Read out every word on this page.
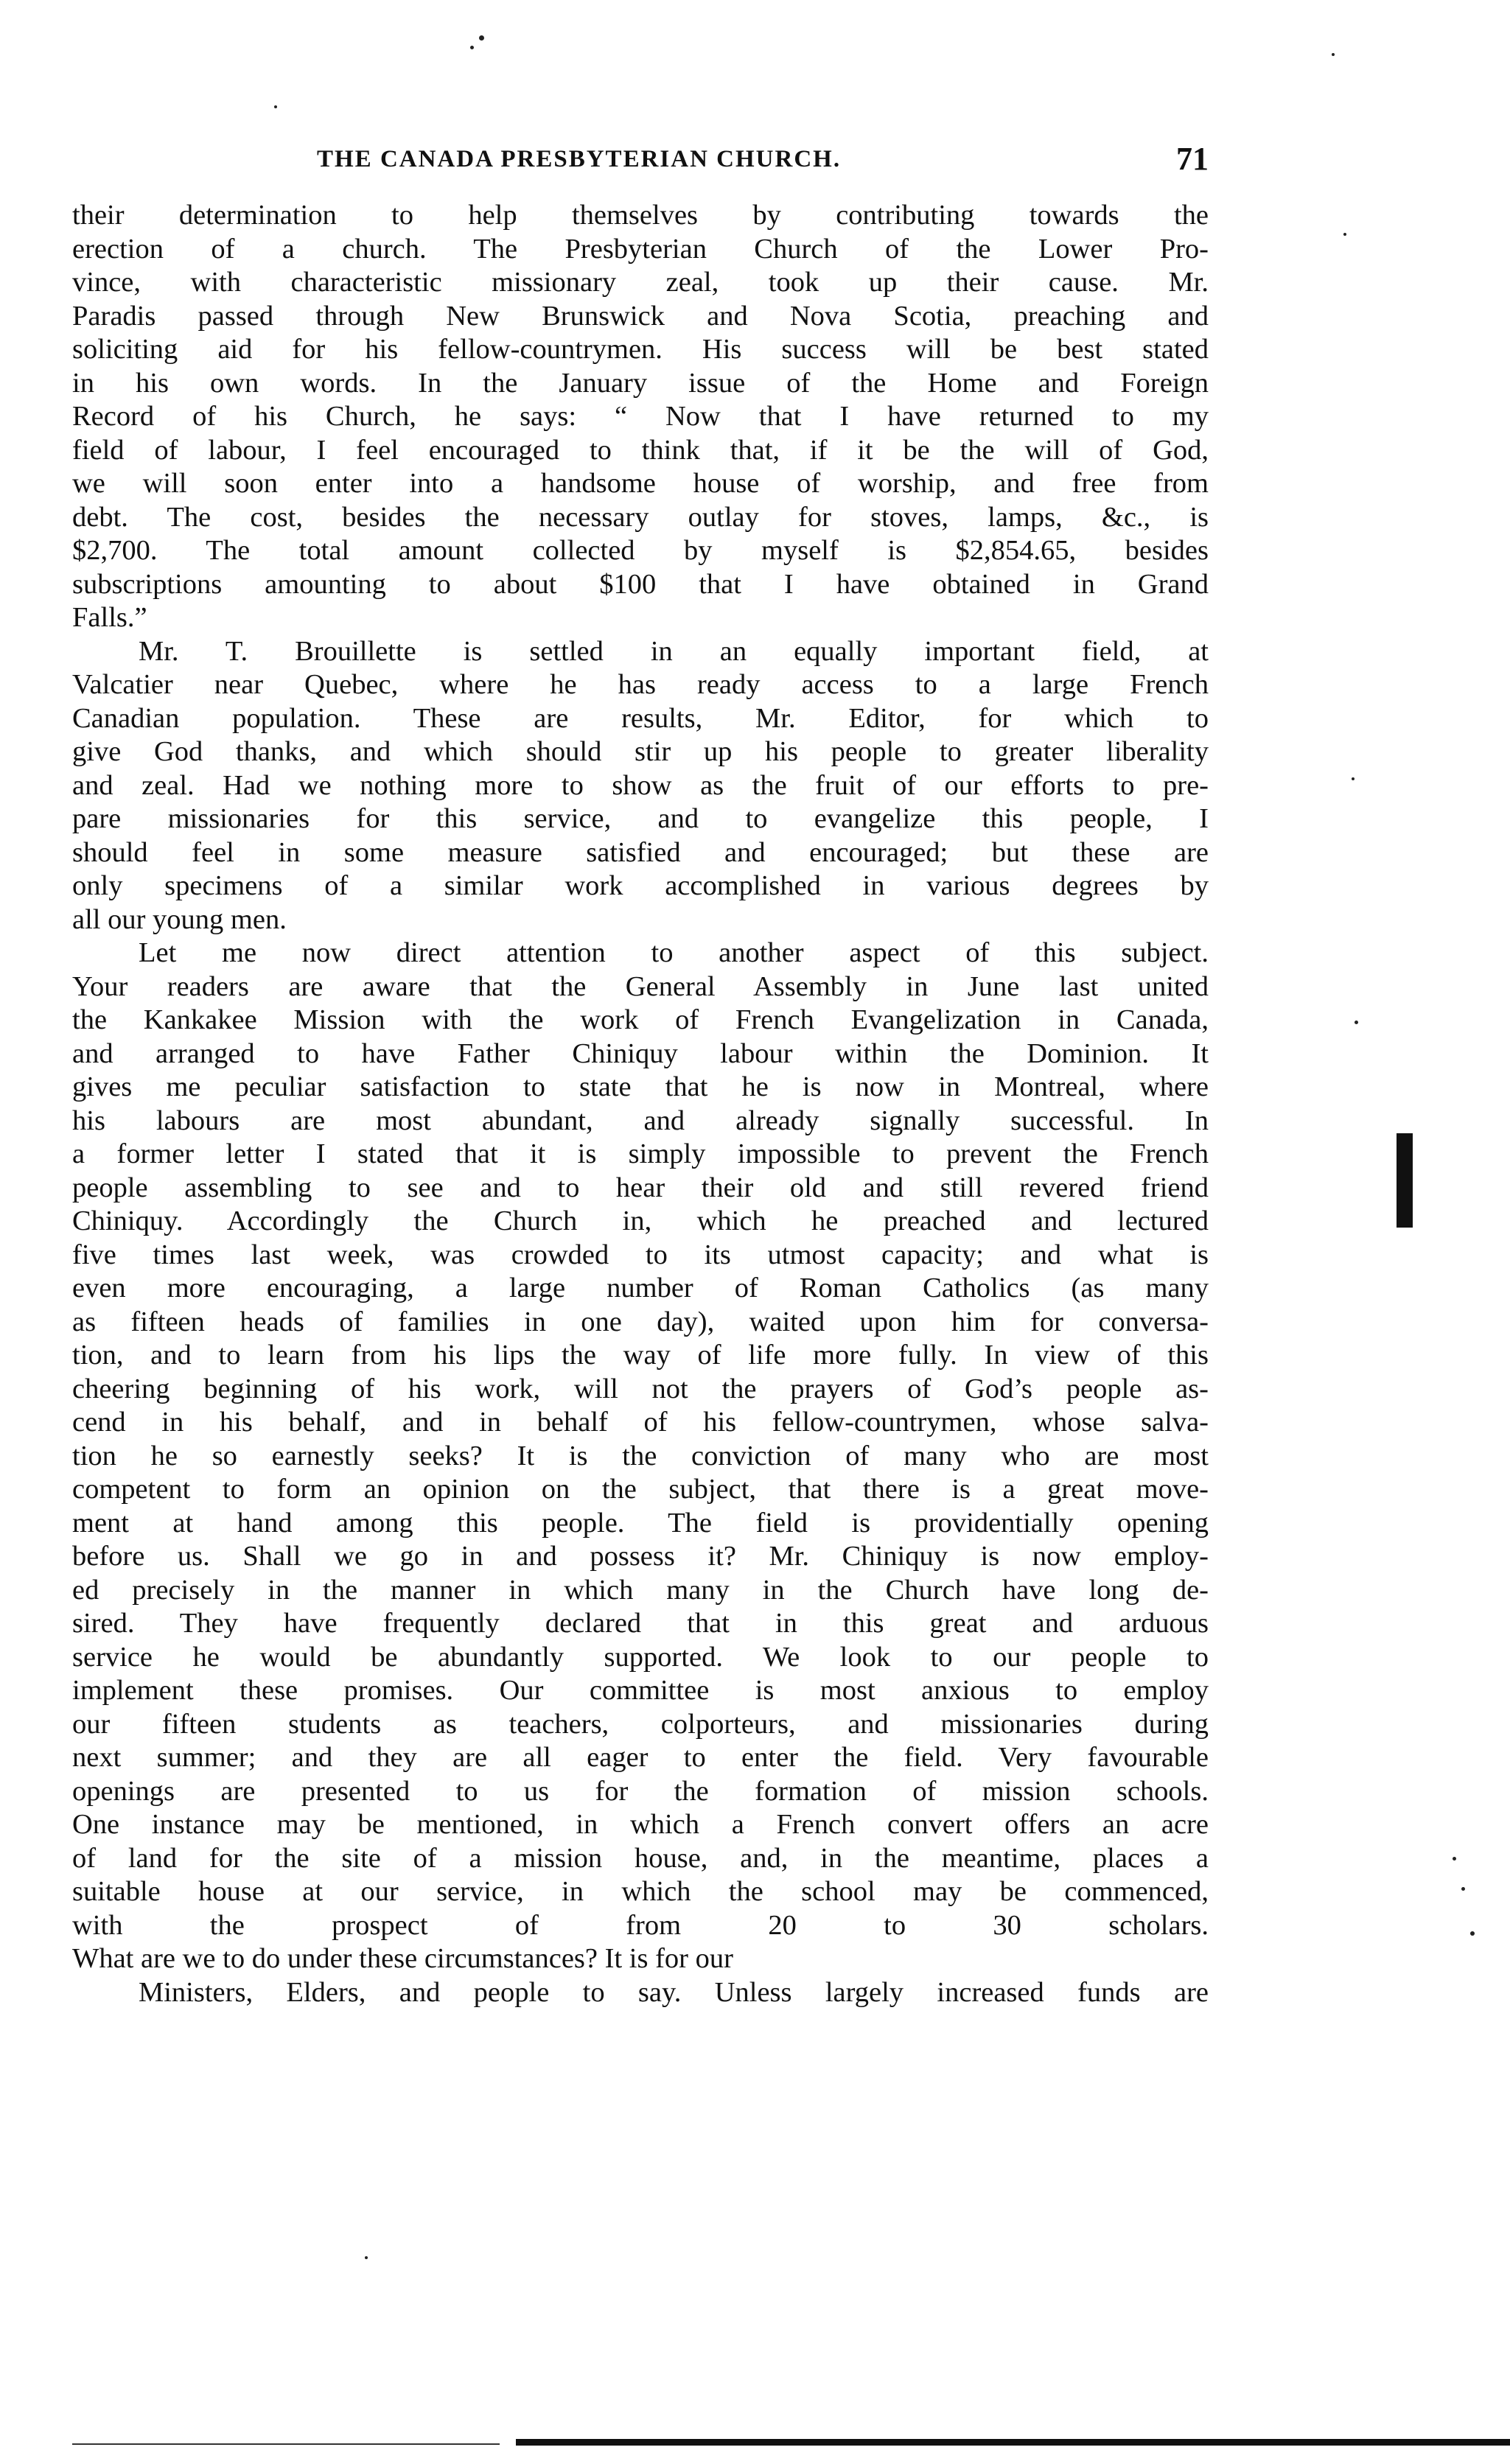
THE CANADA PRESBYTERIAN CHURCH.	71
their determination to help themselves by contributing towards the
erection of a church. The Presbyterian Church of the Lower Pro-
vince, with characteristic missionary zeal, took up their cause. Mr.
Paradis passed through New Brunswick and Nova Scotia, preaching and
soliciting aid for his fellow-countrymen. His success will be best stated
in his own words. In the January issue of the Home and Foreign
Record of his Church, he says: “ Now that I have returned to my
field of labour, I feel encouraged to think that, if it be the will of God,
we will soon enter into a handsome house of worship, and free from
debt. The cost, besides the necessary outlay for stoves, lamps, &c., is
$2,700. The total amount collected by myself is $2,854.65, besides
subscriptions amounting to about $100 that I have obtained in Grand
Falls.”
Mr. T. Brouillette is settled in an equally important field, at
Valcatier near Quebec, where he has ready access to a large French
Canadian population. These are results, Mr. Editor, for which to
give God thanks, and which should stir up his people to greater liberality
and zeal. Had we nothing more to show as the fruit of our efforts to pre-
pare missionaries for this service, and to evangelize this people, I
should feel in some measure satisfied and encouraged; but these are
only specimens of a similar work accomplished in various degrees by
all our young men.
Let me now direct attention to another aspect of this subject.
Your readers are aware that the General Assembly in June last united
the Kankakee Mission with the work of French Evangelization in Canada,
and arranged to have Father Chiniquy labour within the Dominion. It
gives me peculiar satisfaction to state that he is now in Montreal, where
his labours are most abundant, and already signally successful. In
a former letter I stated that it is simply impossible to prevent the French
people assembling to see and to hear their old and still revered friend
Chiniquy. Accordingly the Church in, which he preached and lectured
five times last week, was crowded to its utmost capacity; and what is
even more encouraging, a large number of Roman Catholics (as many
as fifteen heads of families in one day), waited upon him for conversa-
tion, and to learn from his lips the way of life more fully. In view of this
cheering beginning of his work, will not the prayers of God’s people as-
cend in his behalf, and in behalf of his fellow-countrymen, whose salva-
tion he so earnestly seeks? It is the conviction of many who are most
competent to form an opinion on the subject, that there is a great move-
ment at hand among this people. The field is providentially opening
before us. Shall we go in and possess it? Mr. Chiniquy is now employ-
ed precisely in the manner in which many in the Church have long de-
sired. They have frequently declared that in this great and arduous
service he would be abundantly supported. We look to our people to
implement these promises. Our committee is most anxious to employ
our fifteen students as teachers, colporteurs, and missionaries during
next summer; and they are all eager to enter the field. Very favourable
openings are presented to us for the formation of mission schools.
One instance may be mentioned, in which a French convert offers an acre
of land for the site of a mission house, and, in the meantime, places a
suitable house at our service, in which the school may be commenced,
with the prospect of from 20 to 30 scholars.
What are we to do under these circumstances? It is for our
Ministers, Elders, and people to say. Unless largely increased funds are
